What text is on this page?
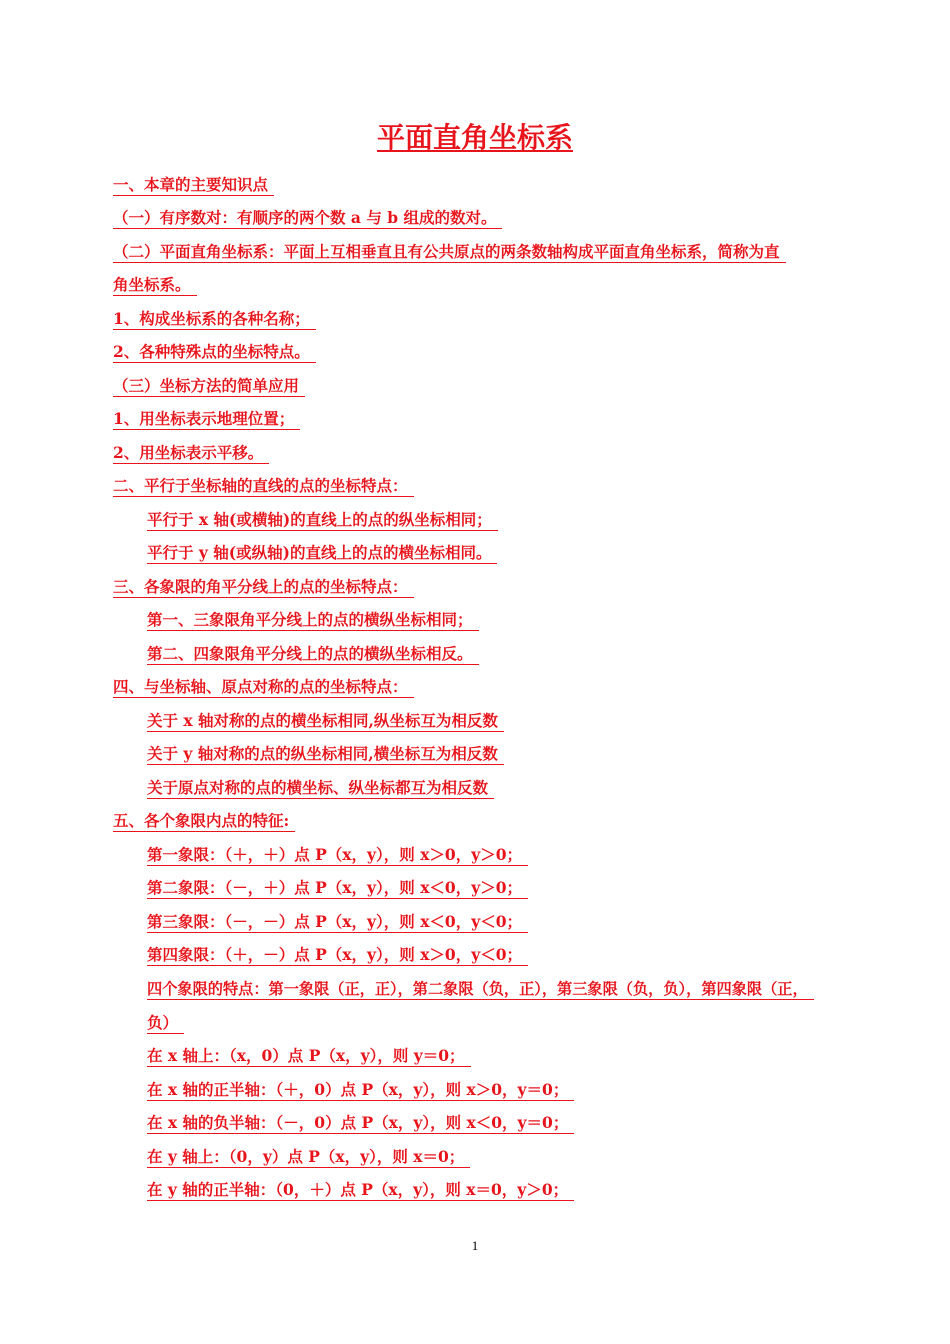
平面直角坐标系
一、本章的主要知识点
（一）有序数对：有顺序的两个数 a 与 b 组成的数对。
（二）平面直角坐标系：平面上互相垂直且有公共原点的两条数轴构成平面直角坐标系，简称为直
角坐标系。
1、构成坐标系的各种名称；
2、各种特殊点的坐标特点。
（三）坐标方法的简单应用
1、用坐标表示地理位置；
2、用坐标表示平移。
二、平行于坐标轴的直线的点的坐标特点：
平行于 x 轴(或横轴)的直线上的点的纵坐标相同；
平行于 y 轴(或纵轴)的直线上的点的横坐标相同。
三、各象限的角平分线上的点的坐标特点：
第一、三象限角平分线上的点的横纵坐标相同；
第二、四象限角平分线上的点的横纵坐标相反。
四、与坐标轴、原点对称的点的坐标特点：
关于 x 轴对称的点的横坐标相同,纵坐标互为相反数
关于 y 轴对称的点的纵坐标相同,横坐标互为相反数
关于原点对称的点的横坐标、纵坐标都互为相反数
五、各个象限内点的特征:
第一象限：（＋，＋）点 P（x，y），则 x＞0，y＞0；
第二象限：（－，＋）点 P（x，y），则 x＜0，y＞0；
第三象限：（－，－）点 P（x，y），则 x＜0，y＜0；
第四象限：（＋，－）点 P（x，y），则 x＞0，y＜0；
四个象限的特点：第一象限（正，正），第二象限（负，正），第三象限（负，负），第四象限（正，
负）
在 x 轴上：（x，0）点 P（x，y），则 y＝0；
在 x 轴的正半轴：（＋，0）点 P（x，y），则 x＞0，y＝0；
在 x 轴的负半轴：（－，0）点 P（x，y），则 x＜0，y＝0；
在 y 轴上：（0，y）点 P（x，y），则 x＝0；
在 y 轴的正半轴：（0，＋）点 P（x，y），则 x＝0，y＞0；
1
